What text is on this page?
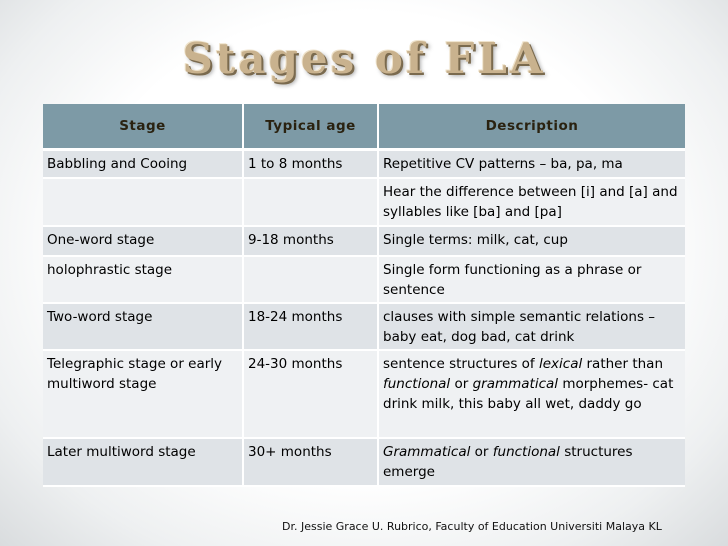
Stages of FLA
Stage	Typical age	Description
Babbling and Cooing	1 to 8 months	Repetitive CV patterns – ba, pa, ma
		Hear the difference between [i] and [a] and syllables like [ba] and [pa]
One-word stage	9-18 months	Single terms: milk, cat, cup
holophrastic stage		Single form functioning as a phrase or sentence
Two-word stage	18-24 months	clauses with simple semantic relations – baby eat, dog bad, cat drink
Telegraphic stage or early multiword stage	24-30 months	sentence structures of lexical rather than functional or grammatical morphemes- cat drink milk, this baby all wet, daddy go
Later multiword stage	30+ months	Grammatical or functional structures emerge
Dr. Jessie Grace U. Rubrico, Faculty of Education Universiti Malaya KL
